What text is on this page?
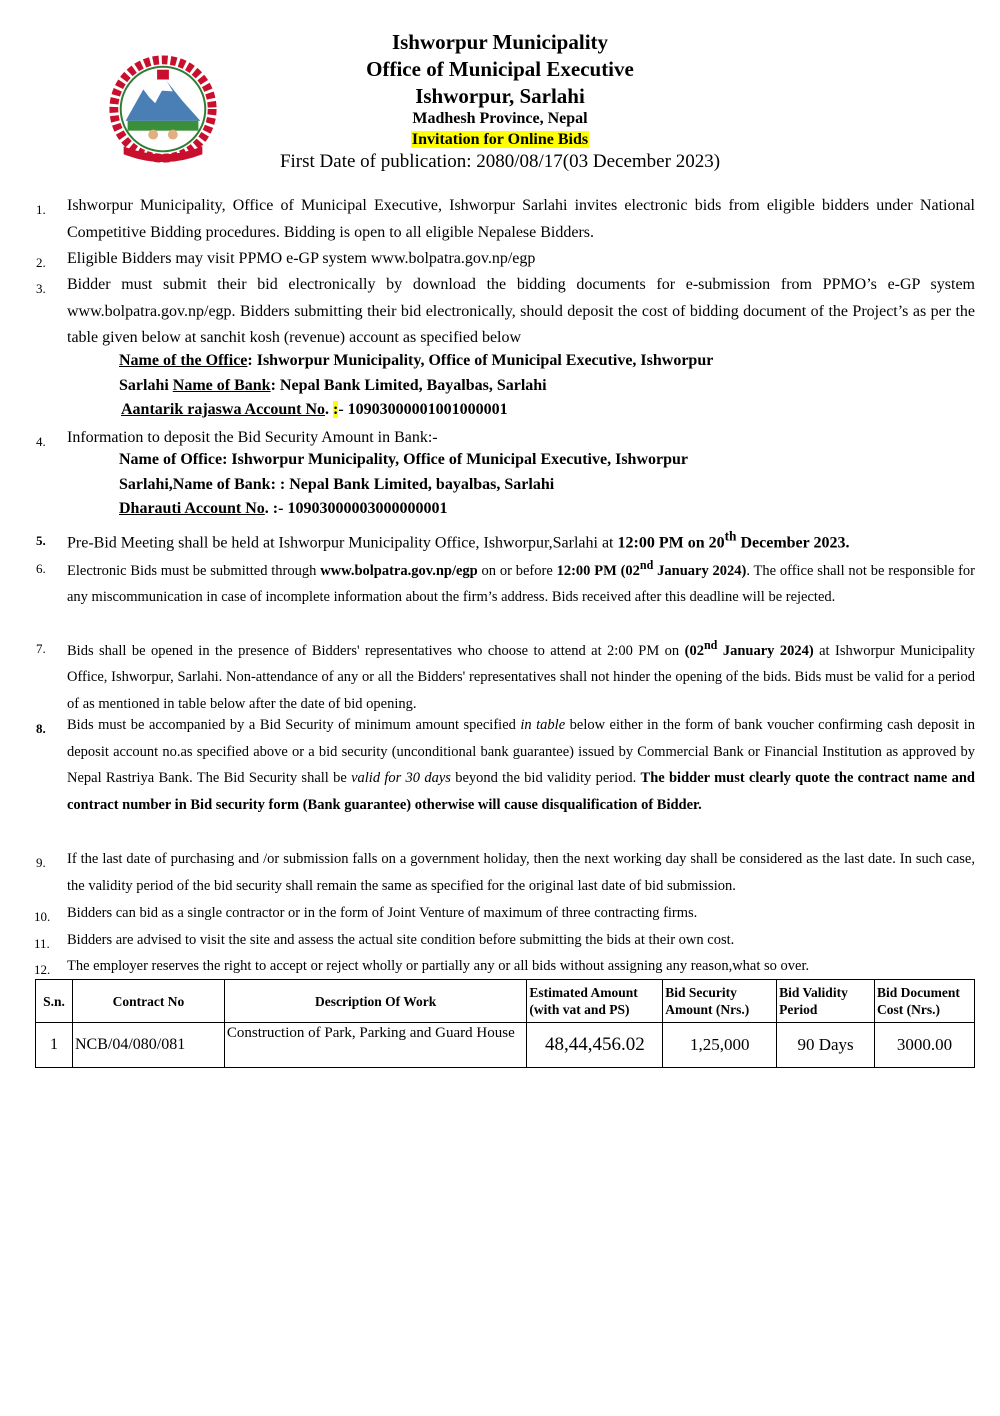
Ishworpur Municipality
Office of Municipal Executive
Ishworpur, Sarlahi
Madhesh Province, Nepal
Invitation for Online Bids
First Date of publication: 2080/08/17(03 December 2023)
1. Ishworpur Municipality, Office of Municipal Executive, Ishworpur Sarlahi invites electronic bids from eligible bidders under National Competitive Bidding procedures. Bidding is open to all eligible Nepalese Bidders.
2. Eligible Bidders may visit PPMO e-GP system www.bolpatra.gov.np/egp
3. Bidder must submit their bid electronically by download the bidding documents for e-submission from PPMO’s e-GP system www.bolpatra.gov.np/egp. Bidders submitting their bid electronically, should deposit the cost of bidding document of the Project’s as per the table given below at sanchit kosh (revenue) account as specified below
Name of the Office: Ishworpur Municipality, Office of Municipal Executive, Ishworpur
Sarlahi Name of Bank: Nepal Bank Limited, Bayalbas, Sarlahi
Aantarik rajaswa Account No. :- 10903000001001000001
4. Information to deposit the Bid Security Amount in Bank:-
Name of Office: Ishworpur Municipality, Office of Municipal Executive, Ishworpur
Sarlahi,Name of Bank: : Nepal Bank Limited, bayalbas, Sarlahi
Dharauti Account No. :- 10903000003000000001
5. Pre-Bid Meeting shall be held at Ishworpur Municipality Office, Ishworpur,Sarlahi at 12:00 PM on 20th December 2023.
6. Electronic Bids must be submitted through www.bolpatra.gov.np/egp on or before 12:00 PM (02nd January 2024). The office shall not be responsible for any miscommunication in case of incomplete information about the firm’s address. Bids received after this deadline will be rejected.
7. Bids shall be opened in the presence of Bidders' representatives who choose to attend at 2:00 PM on (02nd January 2024) at Ishworpur Municipality Office, Ishworpur, Sarlahi. Non-attendance of any or all the Bidders' representatives shall not hinder the opening of the bids. Bids must be valid for a period of as mentioned in table below after the date of bid opening.
8. Bids must be accompanied by a Bid Security of minimum amount specified in table below either in the form of bank voucher confirming cash deposit in deposit account no.as specified above or a bid security (unconditional bank guarantee) issued by Commercial Bank or Financial Institution as approved by Nepal Rastriya Bank. The Bid Security shall be valid for 30 days beyond the bid validity period. The bidder must clearly quote the contract name and contract number in Bid security form (Bank guarantee) otherwise will cause disqualification of Bidder.
9. If the last date of purchasing and /or submission falls on a government holiday, then the next working day shall be considered as the last date. In such case, the validity period of the bid security shall remain the same as specified for the original last date of bid submission.
10. Bidders can bid as a single contractor or in the form of Joint Venture of maximum of three contracting firms.
11. Bidders are advised to visit the site and assess the actual site condition before submitting the bids at their own cost.
12. The employer reserves the right to accept or reject wholly or partially any or all bids without assigning any reason,what so over.
S.n.	Contract No	Description Of Work	Estimated Amount (with vat and PS)	Bid Security Amount (Nrs.)	Bid Validity Period	Bid Document Cost (Nrs.)
1	NCB/04/080/081	Construction of Park, Parking and Guard House	48,44,456.02	1,25,000	90 Days	3000.00
